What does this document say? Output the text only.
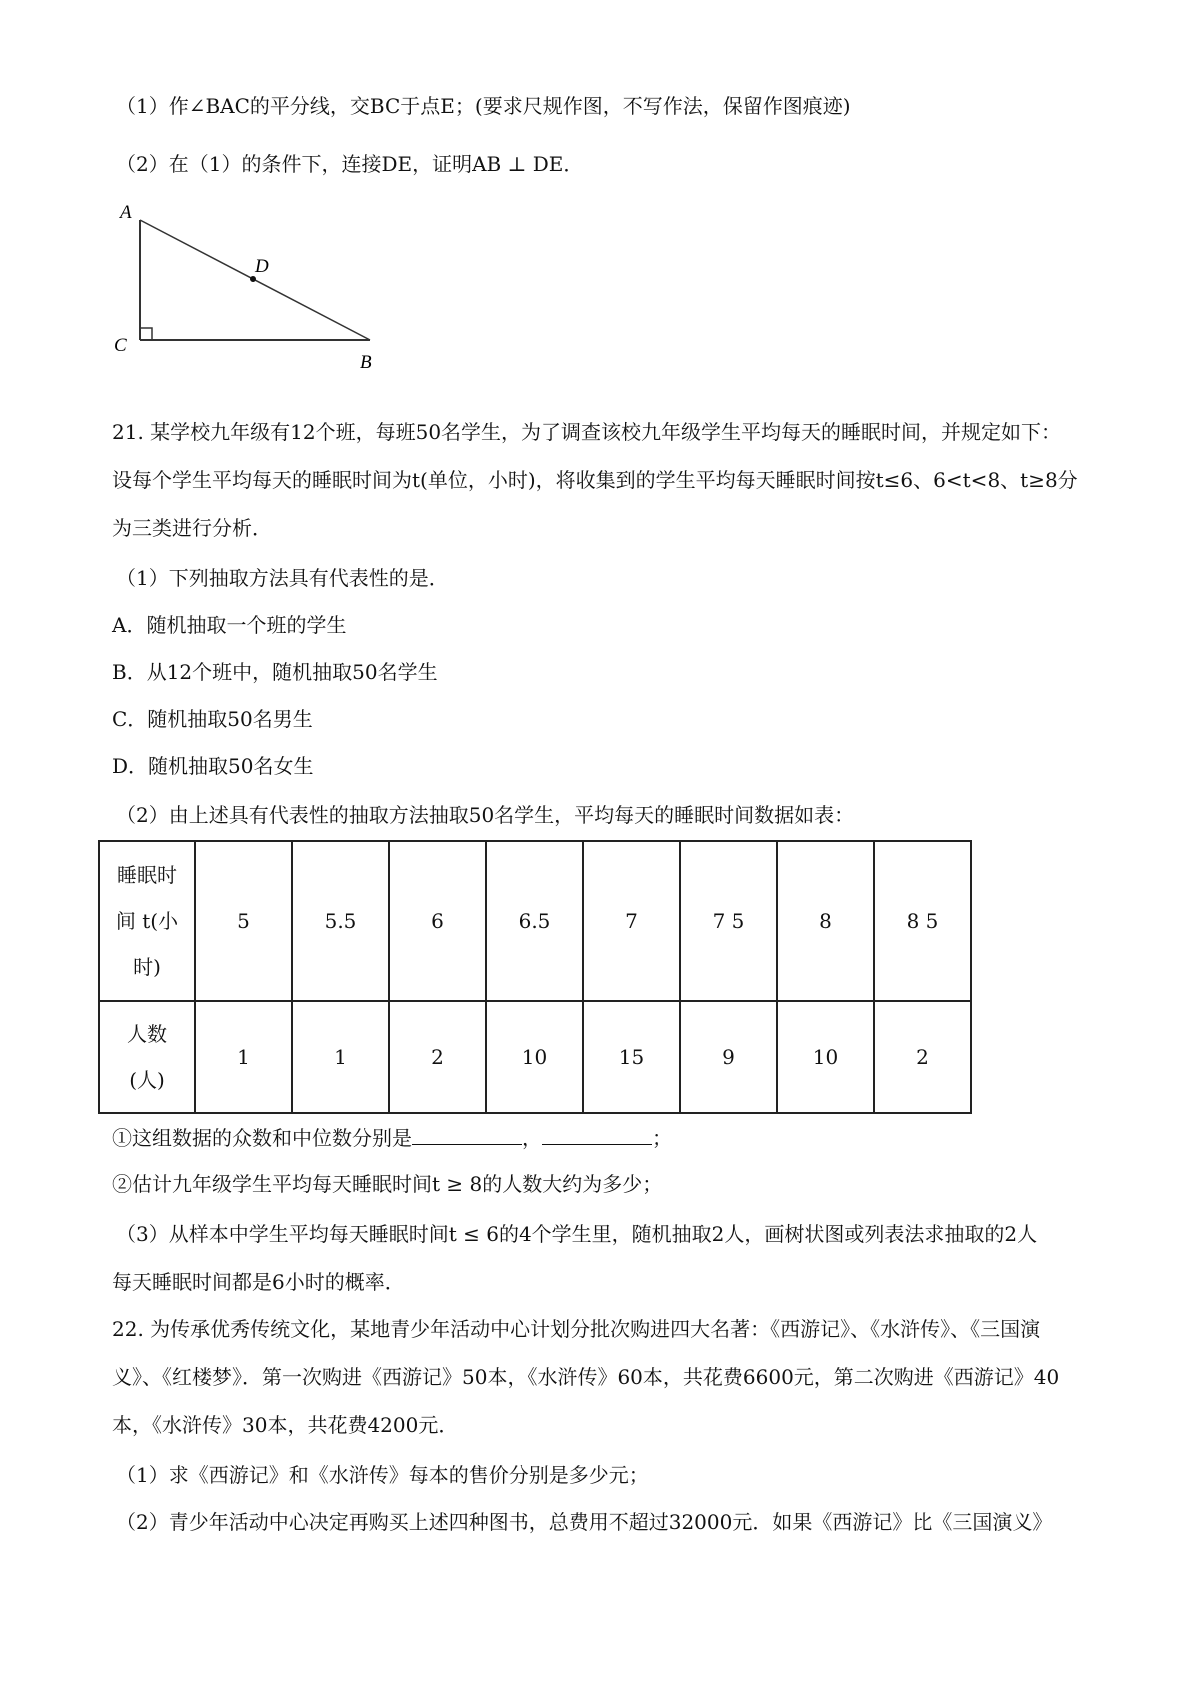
（1）作∠BAC的平分线，交BC于点E；(要求尺规作图，不写作法，保留作图痕迹)
（2）在（1）的条件下，连接DE，证明AB ⊥ DE．
A
D
C
B
21. 某学校九年级有12个班，每班50名学生，为了调查该校九年级学生平均每天的睡眠时间，并规定如下：
设每个学生平均每天的睡眠时间为t(单位，小时)，将收集到的学生平均每天睡眠时间按t≤6、6<t<8、t≥8分
为三类进行分析．
（1）下列抽取方法具有代表性的是．
A．随机抽取一个班的学生
B．从12个班中，随机抽取50名学生
C．随机抽取50名男生
D．随机抽取50名女生
（2）由上述具有代表性的抽取方法抽取50名学生，平均每天的睡眠时间数据如表：
睡眠时
间 t(小
时)	5	5.5	6	6.5	7	7 5	8	8 5

人数
(人)	1	1	2	10	15	9	10	2
①这组数据的众数和中位数分别是	，	；
②估计九年级学生平均每天睡眠时间t ≥ 8的人数大约为多少；
（3）从样本中学生平均每天睡眠时间t ≤ 6的4个学生里，随机抽取2人，画树状图或列表法求抽取的2人
每天睡眠时间都是6小时的概率．
22. 为传承优秀传统文化，某地青少年活动中心计划分批次购进四大名著：《西游记》、《水浒传》、《三国演
义》、《红楼梦》．第一次购进《西游记》50本，《水浒传》60本，共花费6600元，第二次购进《西游记》40
本，《水浒传》30本，共花费4200元．
（1）求《西游记》和《水浒传》每本的售价分别是多少元；
（2）青少年活动中心决定再购买上述四种图书，总费用不超过32000元．如果《西游记》比《三国演义》
